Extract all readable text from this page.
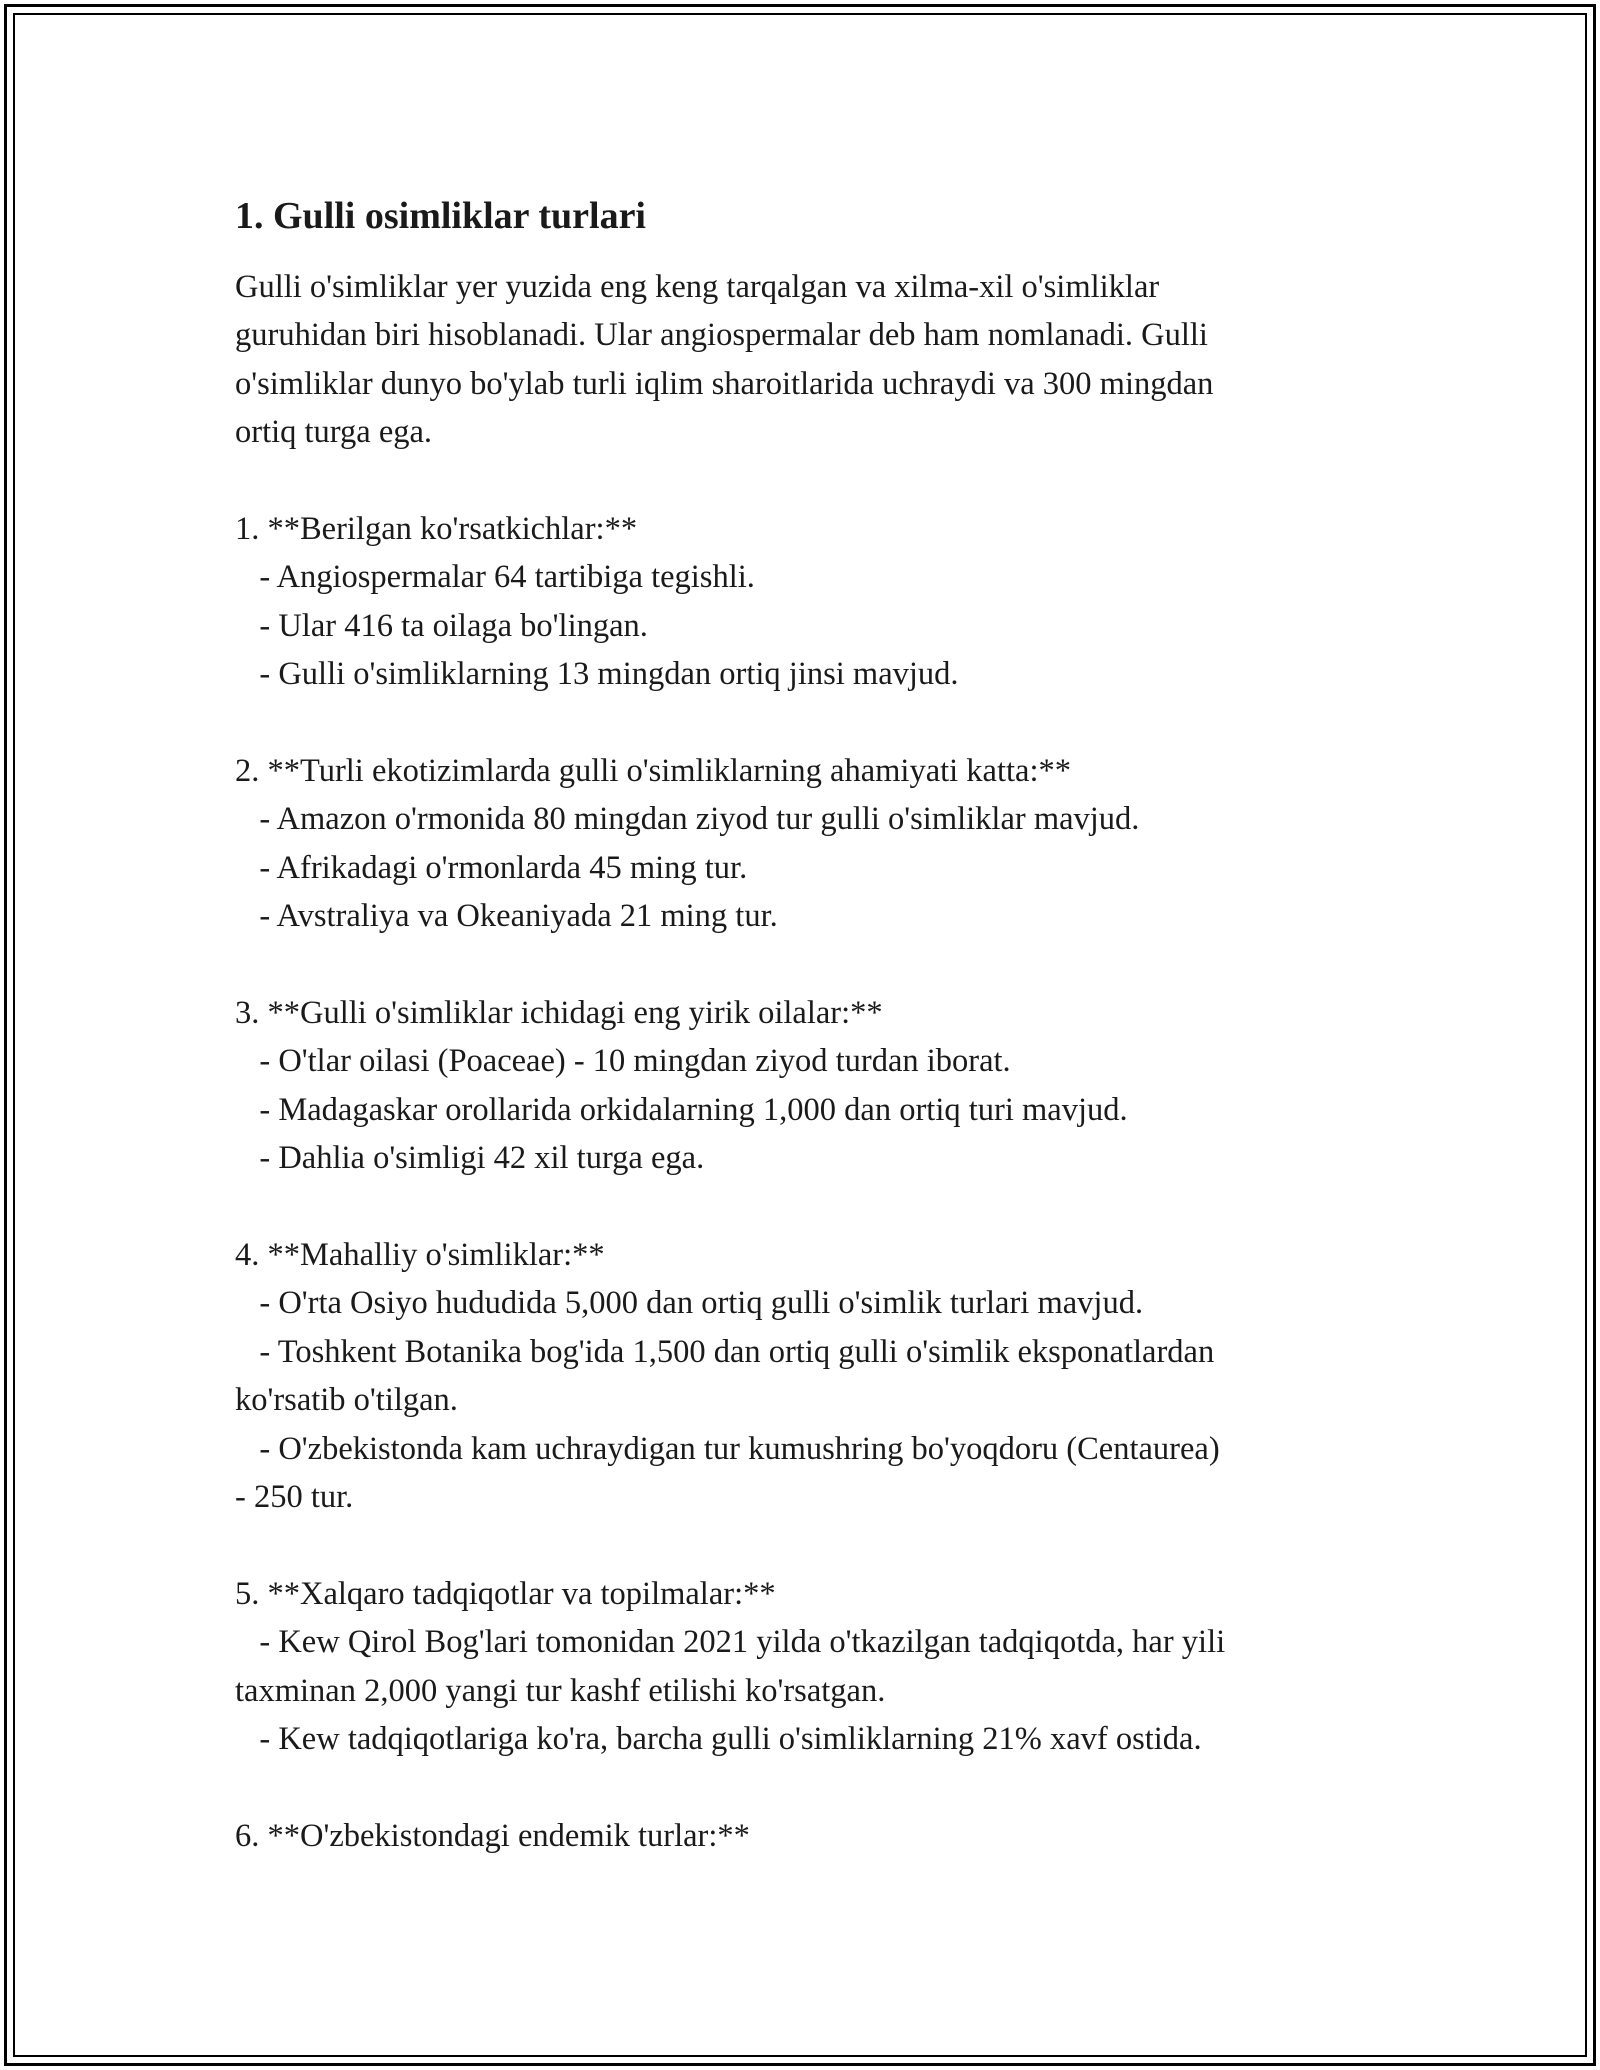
1. Gulli osimliklar turlari

Gulli o'simliklar yer yuzida eng keng tarqalgan va xilma-xil o'simliklar

guruhidan biri hisoblanadi. Ular angiospermalar deb ham nomlanadi. Gulli

o'simliklar dunyo bo'ylab turli iqlim sharoitlarida uchraydi va 300 mingdan

ortiq turga ega.

1. **Berilgan ko'rsatkichlar:**

- Angiospermalar 64 tartibiga tegishli.

- Ular 416 ta oilaga bo'lingan.

- Gulli o'simliklarning 13 mingdan ortiq jinsi mavjud.

2. **Turli ekotizimlarda gulli o'simliklarning ahamiyati katta:**

- Amazon o'rmonida 80 mingdan ziyod tur gulli o'simliklar mavjud.

- Afrikadagi o'rmonlarda 45 ming tur.

- Avstraliya va Okeaniyada 21 ming tur.

3. **Gulli o'simliklar ichidagi eng yirik oilalar:**

- O'tlar oilasi (Poaceae) - 10 mingdan ziyod turdan iborat.

- Madagaskar orollarida orkidalarning 1,000 dan ortiq turi mavjud.

- Dahlia o'simligi 42 xil turga ega.

4. **Mahalliy o'simliklar:**

- O'rta Osiyo hududida 5,000 dan ortiq gulli o'simlik turlari mavjud.

- Toshkent Botanika bog'ida 1,500 dan ortiq gulli o'simlik eksponatlardan

ko'rsatib o'tilgan.

- O'zbekistonda kam uchraydigan tur kumushring bo'yoqdoru (Centaurea)

- 250 tur.

5. **Xalqaro tadqiqotlar va topilmalar:**

- Kew Qirol Bog'lari tomonidan 2021 yilda o'tkazilgan tadqiqotda, har yili

taxminan 2,000 yangi tur kashf etilishi ko'rsatgan.

- Kew tadqiqotlariga ko'ra, barcha gulli o'simliklarning 21% xavf ostida.

6. **O'zbekistondagi endemik turlar:**
